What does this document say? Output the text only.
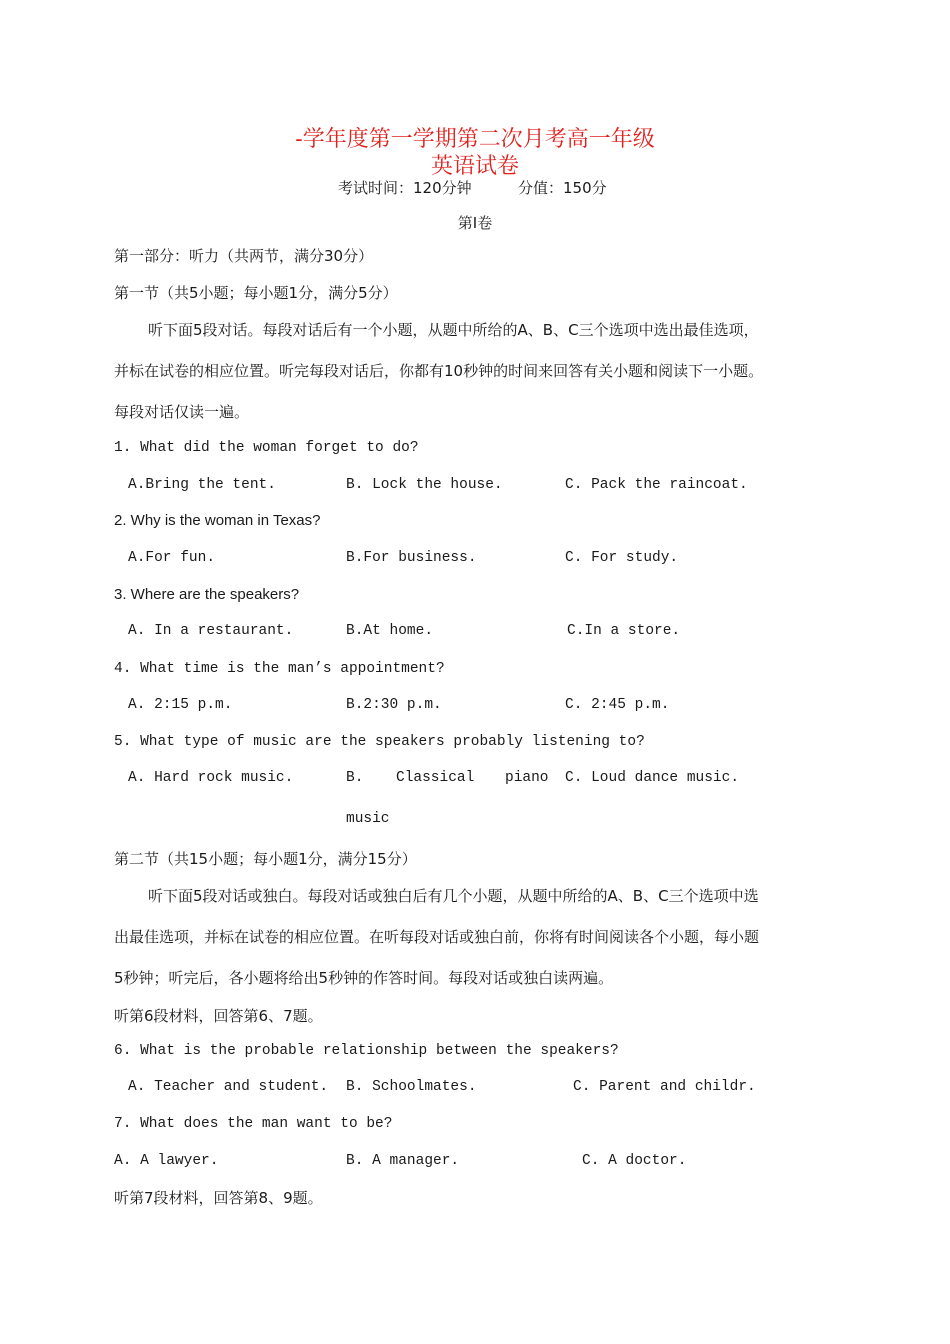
-学年度第一学期第二次月考高一年级
英语试卷
考试时间：120分钟	分值：150分
第Ⅰ卷
第一部分：听力（共两节，满分30分）
第一节（共5小题；每小题1分，满分5分）
听下面5段对话。每段对话后有一个小题，从题中所给的A、B、C三个选项中选出最佳选项，
并标在试卷的相应位置。听完每段对话后，你都有10秒钟的时间来回答有关小题和阅读下一小题。
每段对话仅读一遍。
1. What did the woman forget to do?
A.Bring the tent.	B. Lock the house.	C. Pack the raincoat.
2. Why is the woman in Texas?
A.For fun.	B.For business.	C. For study.
3. Where are the speakers?
A. In a restaurant.	B.At home.	C.In a store.
4. What time is the man’s appointment?
A. 2:15 p.m.	B.2:30 p.m.	C. 2:45 p.m.
5. What type of music are the speakers probably listening to?
A. Hard rock music.	B. Classical piano
music
C. Loud dance music.
第二节（共15小题；每小题1分，满分15分）
听下面5段对话或独白。每段对话或独白后有几个小题，从题中所给的A、B、C三个选项中选
出最佳选项，并标在试卷的相应位置。在听每段对话或独白前，你将有时间阅读各个小题，每小题
5秒钟；听完后，各小题将给出5秒钟的作答时间。每段对话或独白读两遍。
听第6段材料，回答第6、7题。
6. What is the probable relationship between the speakers?
A. Teacher and student. B. Schoolmates.	C. Parent and childr.
7. What does the man want to be?
A. A lawyer.	B. A manager.	C. A doctor.
听第7段材料，回答第8、9题。
